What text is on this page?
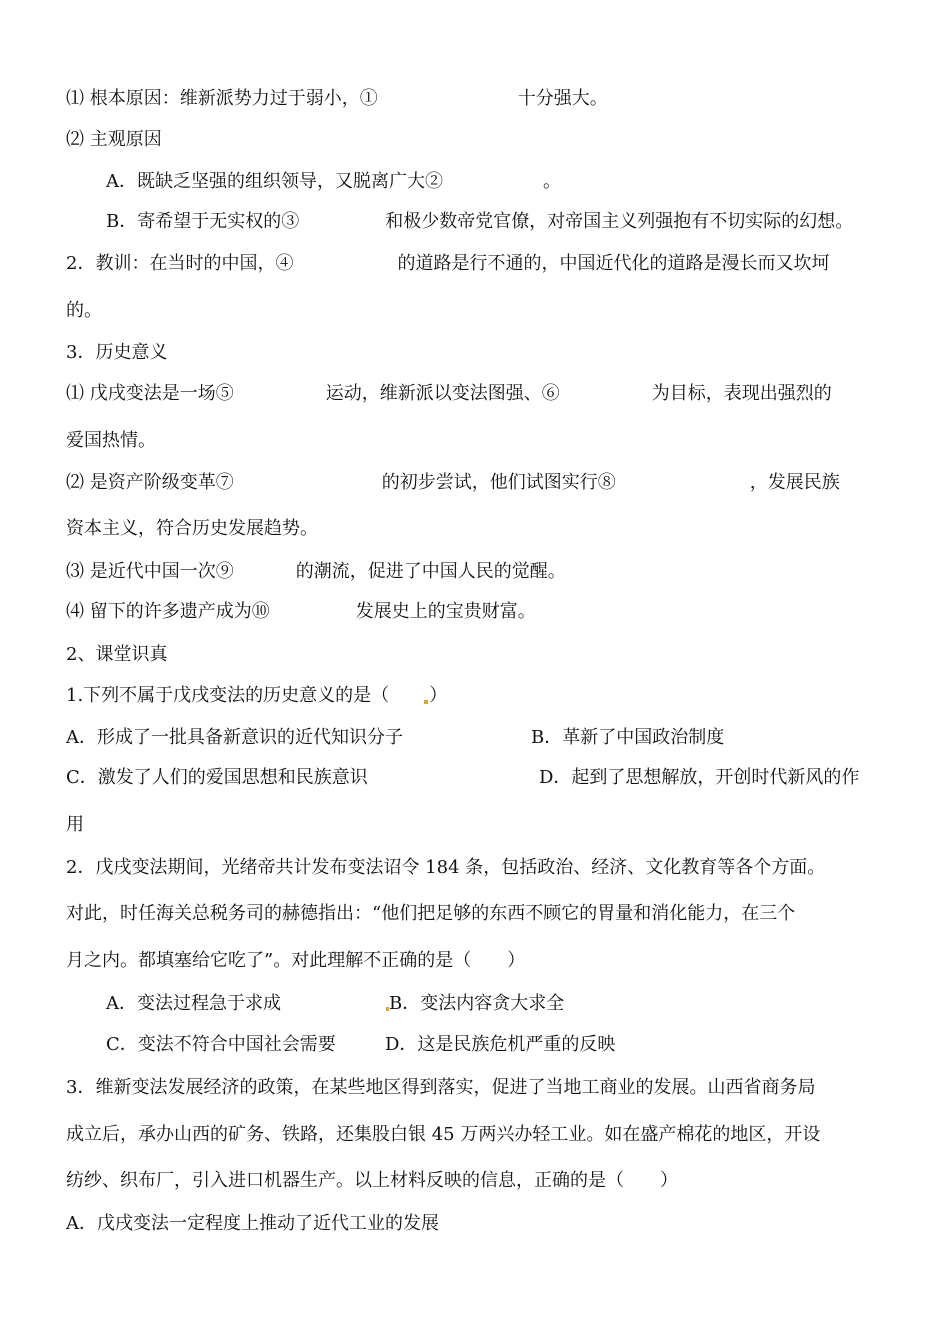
⑴ 根本原因：维新派势力过于弱小，①	十分强大。
⑵ 主观原因
A．既缺乏坚强的组织领导，又脱离广大②	。
B．寄希望于无实权的③	和极少数帝党官僚，对帝国主义列强抱有不切实际的幻想。
2．教训：在当时的中国，④	的道路是行不通的，中国近代化的道路是漫长而又坎坷
的。
3．历史意义
⑴ 戊戌变法是一场⑤	运动，维新派以变法图强、⑥	为目标，表现出强烈的
爱国热情。
⑵ 是资产阶级变革⑦	的初步尝试，他们试图实行⑧	，发展民族
资本主义，符合历史发展趋势。
⑶ 是近代中国一次⑨	的潮流，促进了中国人民的觉醒。
⑷ 留下的许多遗产成为⑩	发展史上的宝贵财富。
2、课堂识真
1.下列不属于戊戌变法的历史意义的是（ ）
A．形成了一批具备新意识的近代知识分子	B．革新了中国政治制度
C．激发了人们的爱国思想和民族意识	D．起到了思想解放，开创时代新风的作
用
2．戊戌变法期间，光绪帝共计发布变法诏令 184 条，包括政治、经济、文化教育等各个方面。
对此，时任海关总税务司的赫德指出：“他们把足够的东西不顾它的胃量和消化能力，在三个
月之内。都填塞给它吃了”。对此理解不正确的是（　　）
A．变法过程急于求成	B．变法内容贪大求全
C．变法不符合中国社会需要	D．这是民族危机严重的反映
3．维新变法发展经济的政策，在某些地区得到落实，促进了当地工商业的发展。山西省商务局
成立后，承办山西的矿务、铁路，还集股白银 45 万两兴办轻工业。如在盛产棉花的地区，开设
纺纱、织布厂，引入进口机器生产。以上材料反映的信息，正确的是（　　）
A．戊戌变法一定程度上推动了近代工业的发展
